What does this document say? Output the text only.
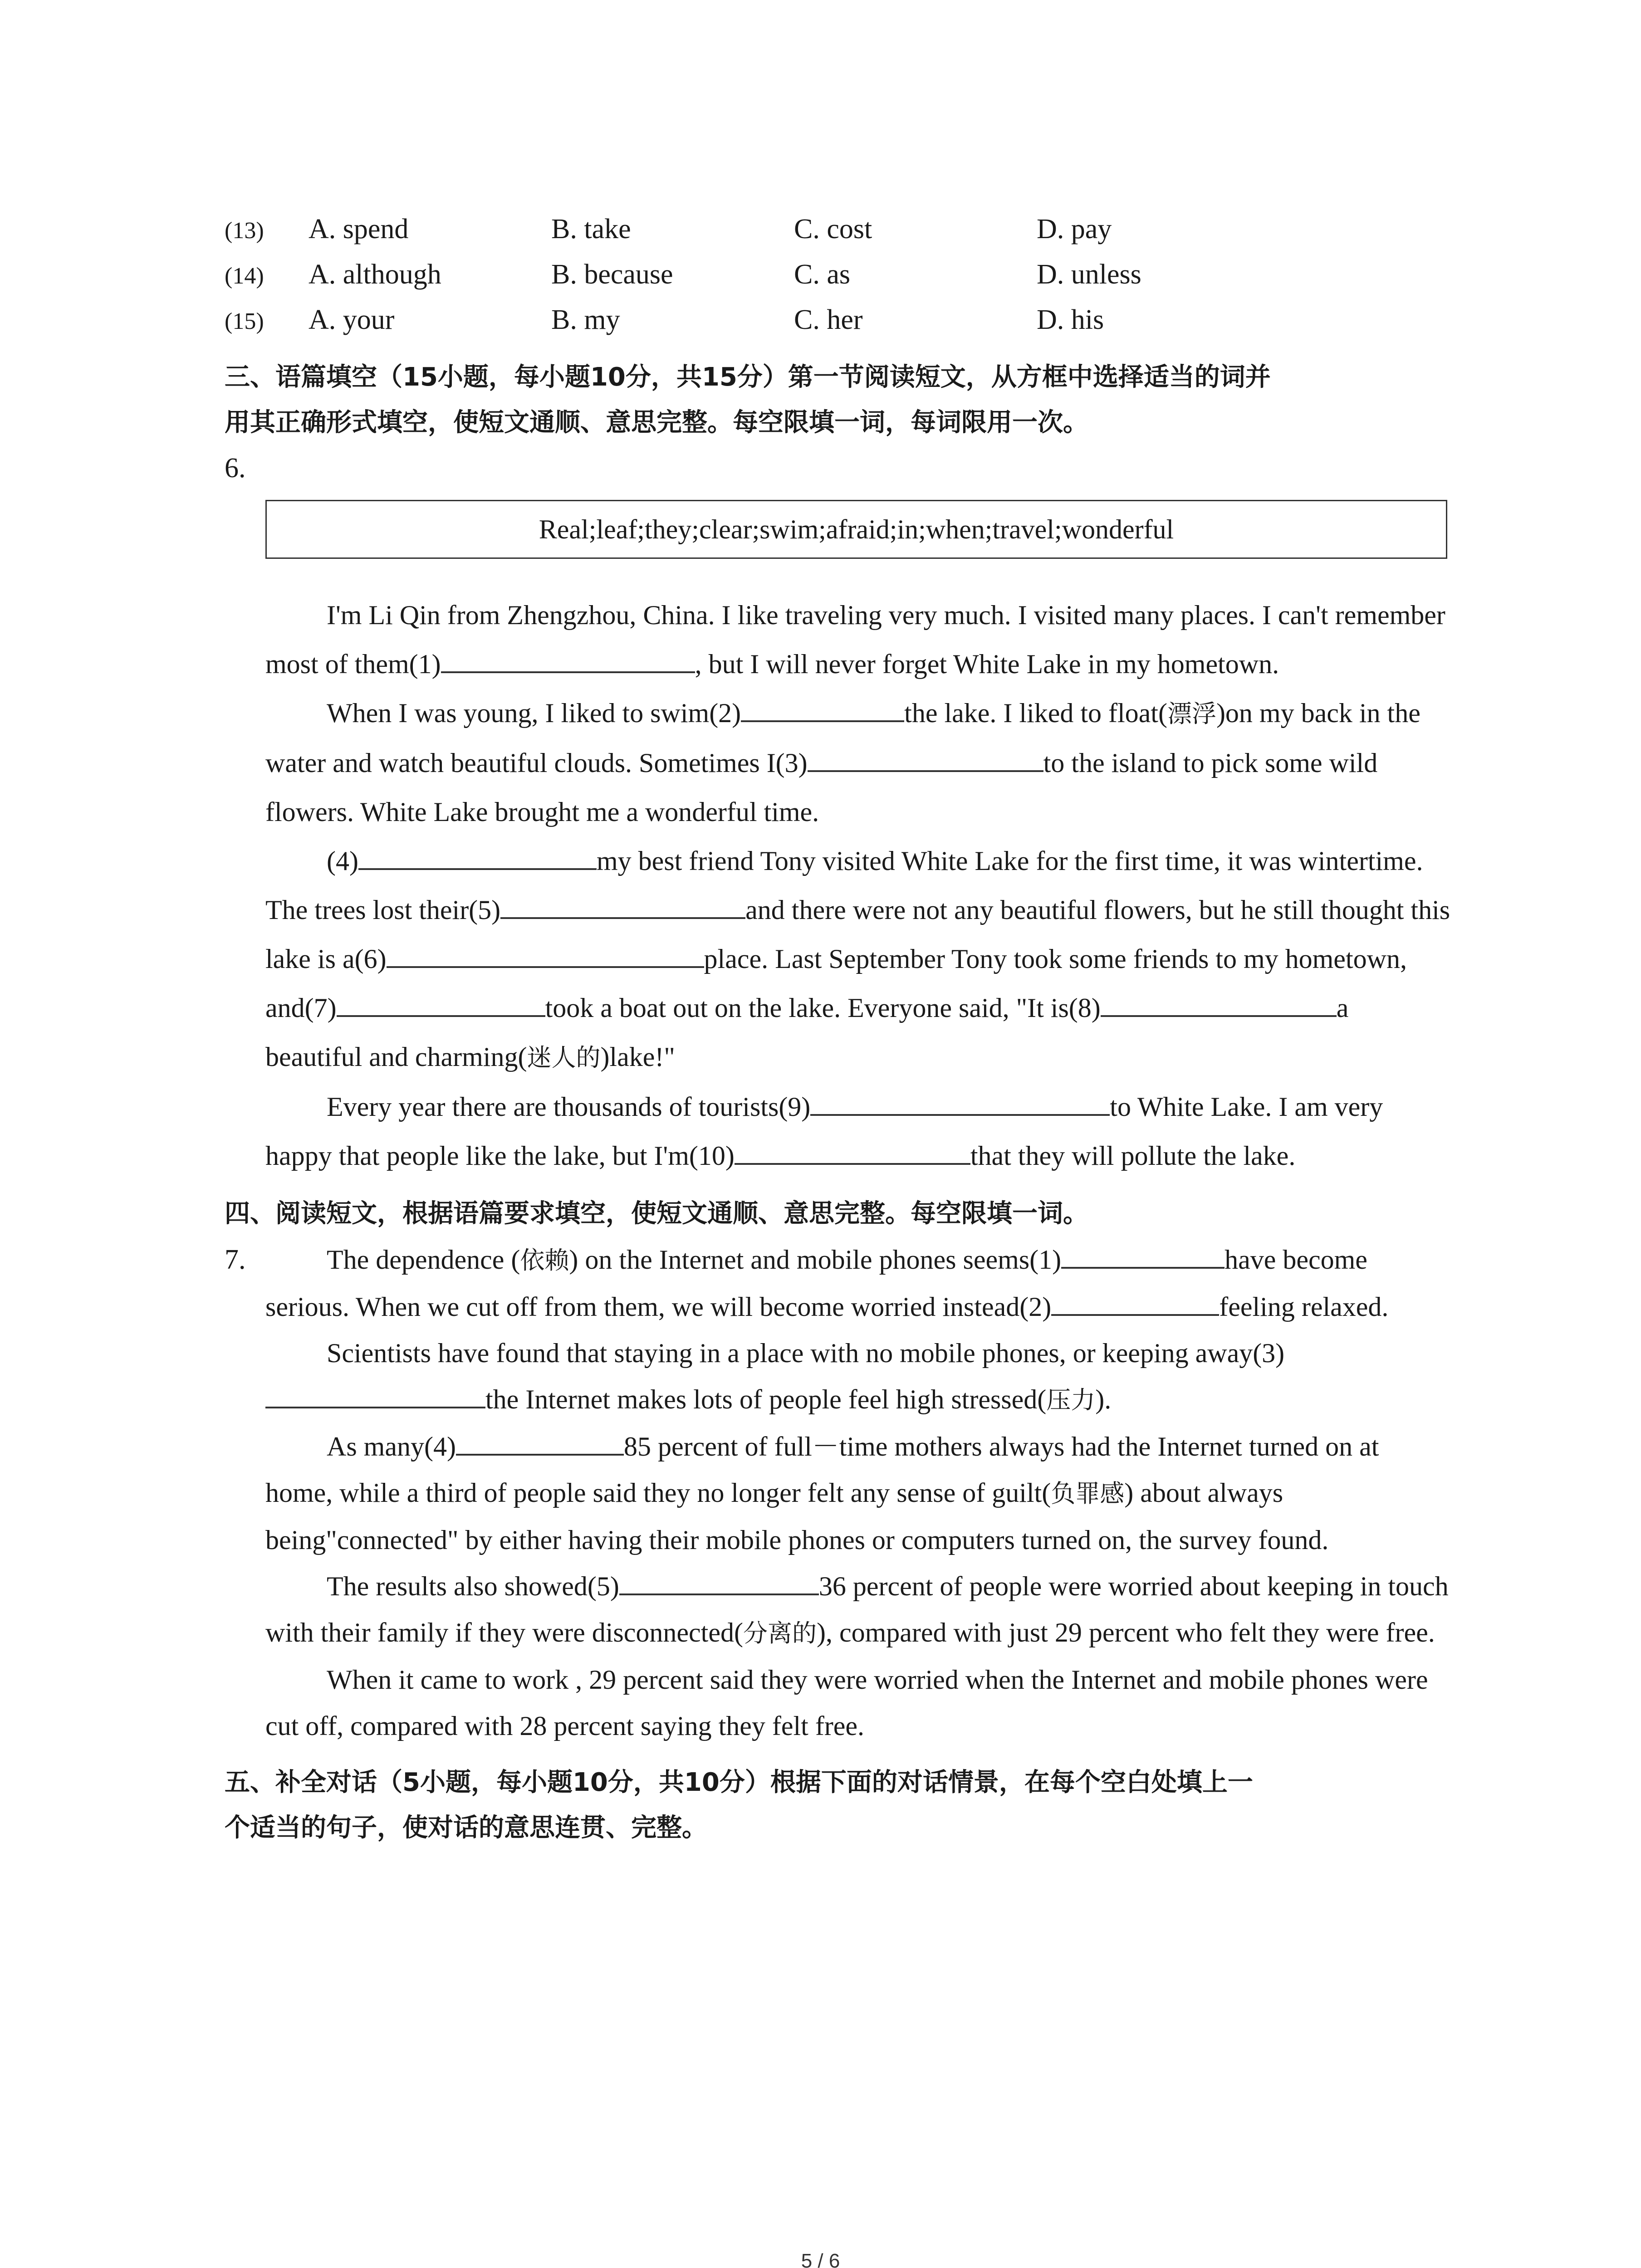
(13)	A. spend	B. take	C. cost	D. pay
(14)	A. although	B. because	C. as	D. unless
(15)	A. your	B. my	C. her	D. his
三、语篇填空（15小题，每小题10分，共15分）第一节阅读短文，从方框中选择适当的词并
用其正确形式填空，使短文通顺、意思完整。每空限填一词，每词限用一次。
6.
Real;leaf;they;clear;swim;afraid;in;when;travel;wonderful
I'm Li Qin from Zhengzhou, China. I like traveling very much. I visited many places. I can't remember most of them(1)	, but I will never forget White Lake in my hometown.
When I was young, I liked to swim(2)	the lake. I liked to float(漂浮)on my back in the water and watch beautiful clouds. Sometimes I(3)	to the island to pick some wild flowers. White Lake brought me a wonderful time.
(4)	my best friend Tony visited White Lake for the first time, it was wintertime. The trees lost their(5)	and there were not any beautiful flowers, but he still thought this lake is a(6)	place. Last September Tony took some friends to my hometown, and(7)	took a boat out on the lake. Everyone said, "It is(8)	a beautiful and charming(迷人的)lake!"
Every year there are thousands of tourists(9)	to White Lake. I am very happy that people like the lake, but I'm(10)	that they will pollute the lake.
四、阅读短文，根据语篇要求填空，使短文通顺、意思完整。每空限填一词。
7.	The dependence (依赖) on the Internet and mobile phones seems(1)	have become serious. When we cut off from them, we will become worried instead(2)	feeling relaxed.
Scientists have found that staying in a place with no mobile phones, or keeping away(3)the Internet makes lots of people feel high stressed(压力).
As many(4)	85 percent of full－time mothers always had the Internet turned on at home, while a third of people said they no longer felt any sense of guilt(负罪感) about always being"connected" by either having their mobile phones or computers turned on, the survey found.
The results also showed(5)	36 percent of people were worried about keeping in touch with their family if they were disconnected(分离的), compared with just 29 percent who felt they were free.
When it came to work , 29 percent said they were worried when the Internet and mobile phones were cut off, compared with 28 percent saying they felt free.
五、补全对话（5小题，每小题10分，共10分）根据下面的对话情景，在每个空白处填上一
个适当的句子，使对话的意思连贯、完整。
5 / 6
